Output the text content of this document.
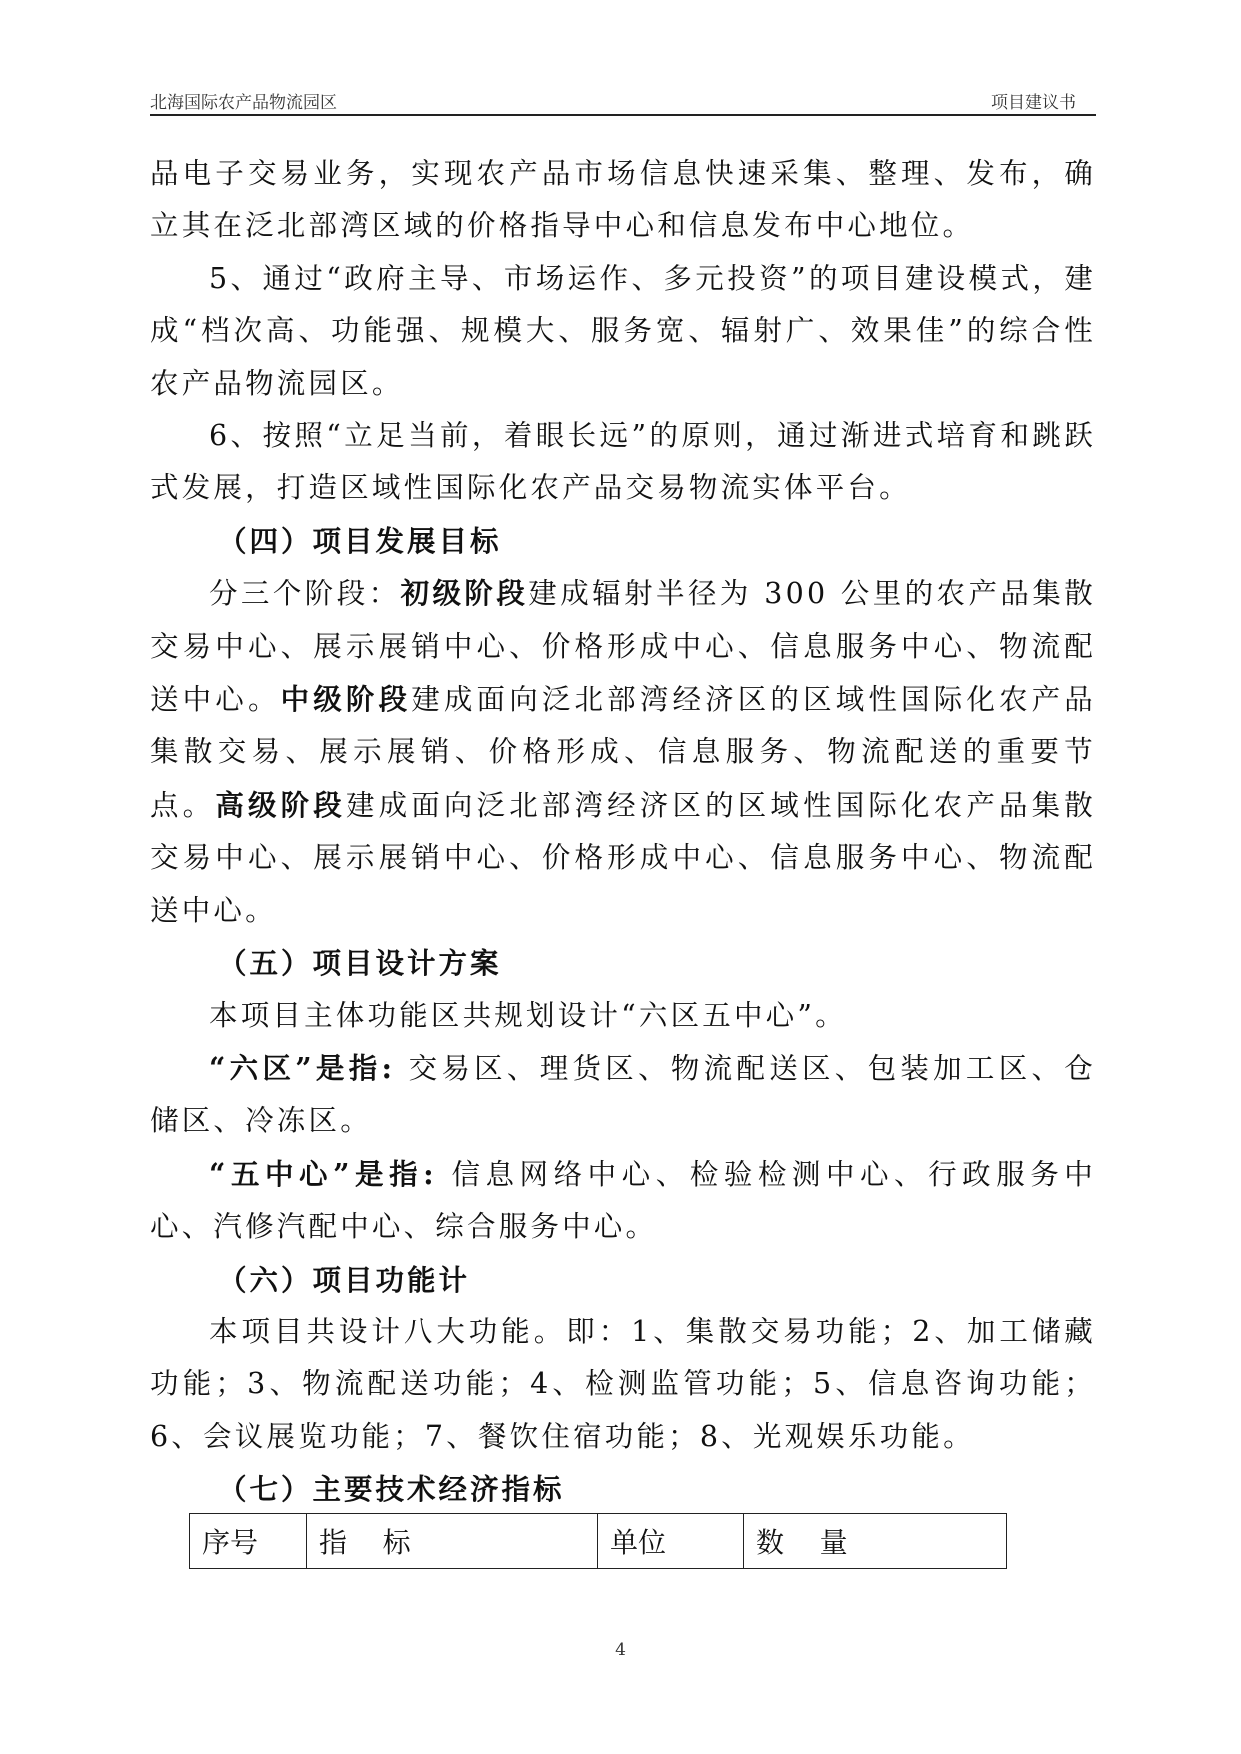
北海国际农产品物流园区	项目建议书

品电子交易业务，实现农产品市场信息快速采集、整理、发布，确立其在泛北部湾区域的价格指导中心和信息发布中心地位。

5、通过“政府主导、市场运作、多元投资”的项目建设模式，建成“档次高、功能强、规模大、服务宽、辐射广、效果佳”的综合性农产品物流园区。

6、按照“立足当前，着眼长远”的原则，通过渐进式培育和跳跃式发展，打造区域性国际化农产品交易物流实体平台。

（四）项目发展目标

分三个阶段：初级阶段建成辐射半径为 300 公里的农产品集散交易中心、展示展销中心、价格形成中心、信息服务中心、物流配送中心。中级阶段建成面向泛北部湾经济区的区域性国际化农产品集散交易、展示展销、价格形成、信息服务、物流配送的重要节点。高级阶段建成面向泛北部湾经济区的区域性国际化农产品集散交易中心、展示展销中心、价格形成中心、信息服务中心、物流配送中心。

（五）项目设计方案

本项目主体功能区共规划设计“六区五中心”。

“六区”是指: 交易区、理货区、物流配送区、包装加工区、仓储区、冷冻区。

“五中心”是指: 信息网络中心、检验检测中心、行政服务中心、汽修汽配中心、综合服务中心。

（六）项目功能计

本项目共设计八大功能。即：1、集散交易功能；2、加工储藏功能；3、物流配送功能；4、检测监管功能；5、信息咨询功能；6、会议展览功能；7、餐饮住宿功能；8、光观娱乐功能。

（七）主要技术经济指标

序号	指    标	单位	数    量
4
